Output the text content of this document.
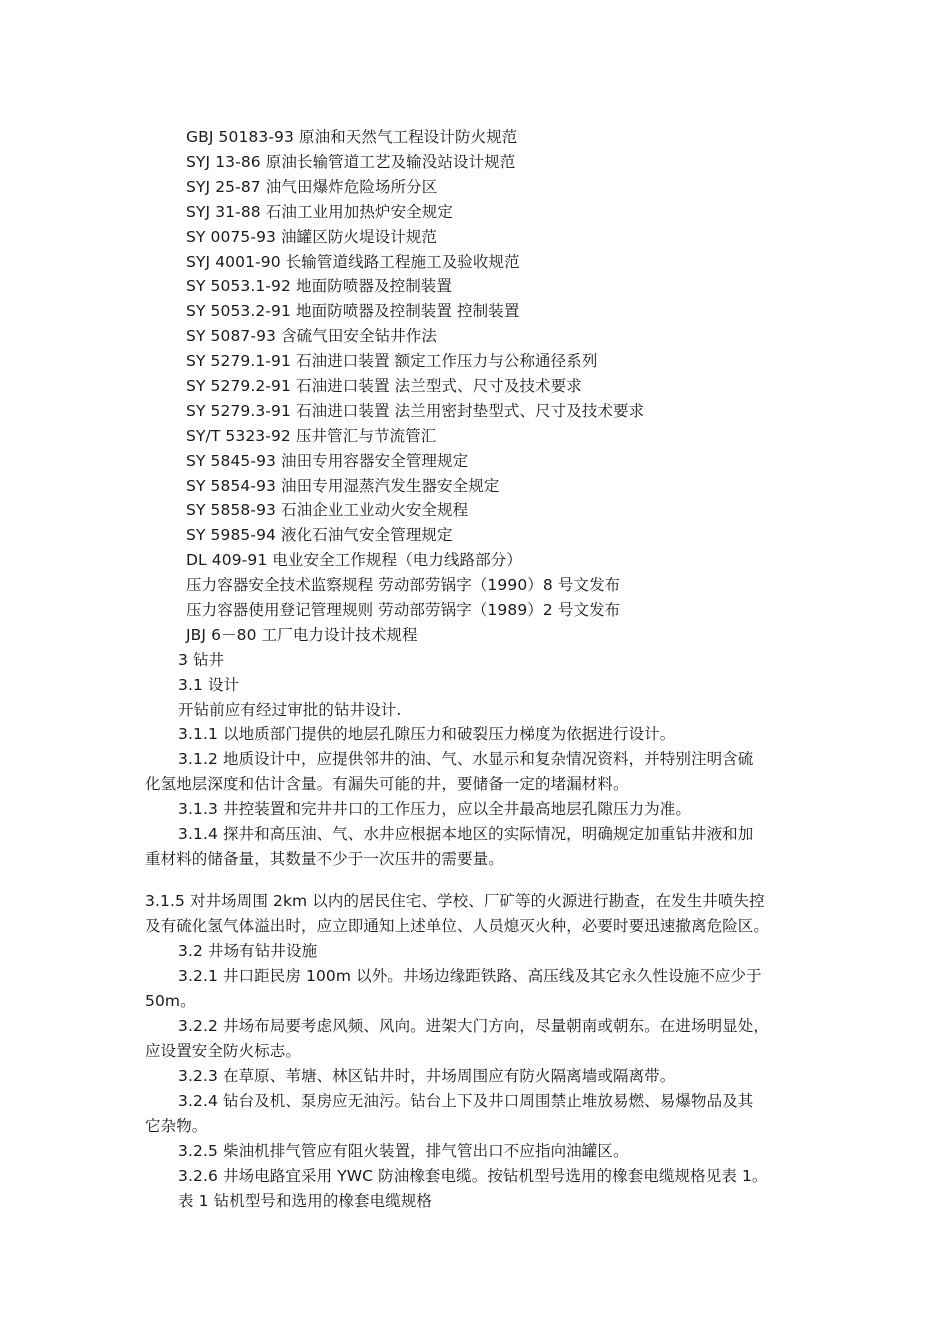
GBJ 50183-93 原油和天然气工程设计防火规范
SYJ 13-86 原油长输管道工艺及输没站设计规范
SYJ 25-87 油气田爆炸危险场所分区
SYJ 31-88 石油工业用加热炉安全规定
SY 0075-93 油罐区防火堤设计规范
SYJ 4001-90 长输管道线路工程施工及验收规范
SY 5053.1-92 地面防喷器及控制装置
SY 5053.2-91 地面防喷器及控制装置 控制装置
SY 5087-93 含硫气田安全钻井作法
SY 5279.1-91 石油进口装置 额定工作压力与公称通径系列
SY 5279.2-91 石油进口装置 法兰型式、尺寸及技术要求
SY 5279.3-91 石油进口装置 法兰用密封垫型式、尺寸及技术要求
SY/T 5323-92 压井管汇与节流管汇
SY 5845-93 油田专用容器安全管理规定
SY 5854-93 油田专用湿蒸汽发生器安全规定
SY 5858-93 石油企业工业动火安全规程
SY 5985-94 液化石油气安全管理规定
DL 409-91 电业安全工作规程（电力线路部分）
压力容器安全技术监察规程 劳动部劳锅字（1990）8 号文发布
压力容器使用登记管理规则 劳动部劳锅字（1989）2 号文发布
JBJ 6－80 工厂电力设计技术规程
3 钻井
3.1 设计
开钻前应有经过审批的钻井设计.
3.1.1 以地质部门提供的地层孔隙压力和破裂压力梯度为依据进行设计。
3.1.2 地质设计中，应提供邻井的油、气、水显示和复杂情况资料，并特别注明含硫
化氢地层深度和估计含量。有漏失可能的井，要储备一定的堵漏材料。
3.1.3 井控装置和完井井口的工作压力，应以全井最高地层孔隙压力为准。
3.1.4 探井和高压油、气、水井应根据本地区的实际情况，明确规定加重钻井液和加
重材料的储备量，其数量不少于一次压井的需要量。
3.1.5 对井场周围 2km 以内的居民住宅、学校、厂矿等的火源进行勘查，在发生井喷失控
及有硫化氢气体溢出时，应立即通知上述单位、人员熄灭火种，必要时要迅速撤离危险区。
3.2 井场有钻井设施
3.2.1 井口距民房 100m 以外。井场边缘距铁路、高压线及其它永久性设施不应少于
50m。
3.2.2 井场布局要考虑风频、风向。进架大门方向，尽量朝南或朝东。在进场明显处，
应设置安全防火标志。
3.2.3 在草原、苇塘、林区钻井时，井场周围应有防火隔离墙或隔离带。
3.2.4 钻台及机、泵房应无油污。钻台上下及井口周围禁止堆放易燃、易爆物品及其
它杂物。
3.2.5 柴油机排气管应有阻火装置，排气管出口不应指向油罐区。
3.2.6 井场电路宜采用 YWC 防油橡套电缆。按钻机型号选用的橡套电缆规格见表 1。
表 1 钻机型号和选用的橡套电缆规格
